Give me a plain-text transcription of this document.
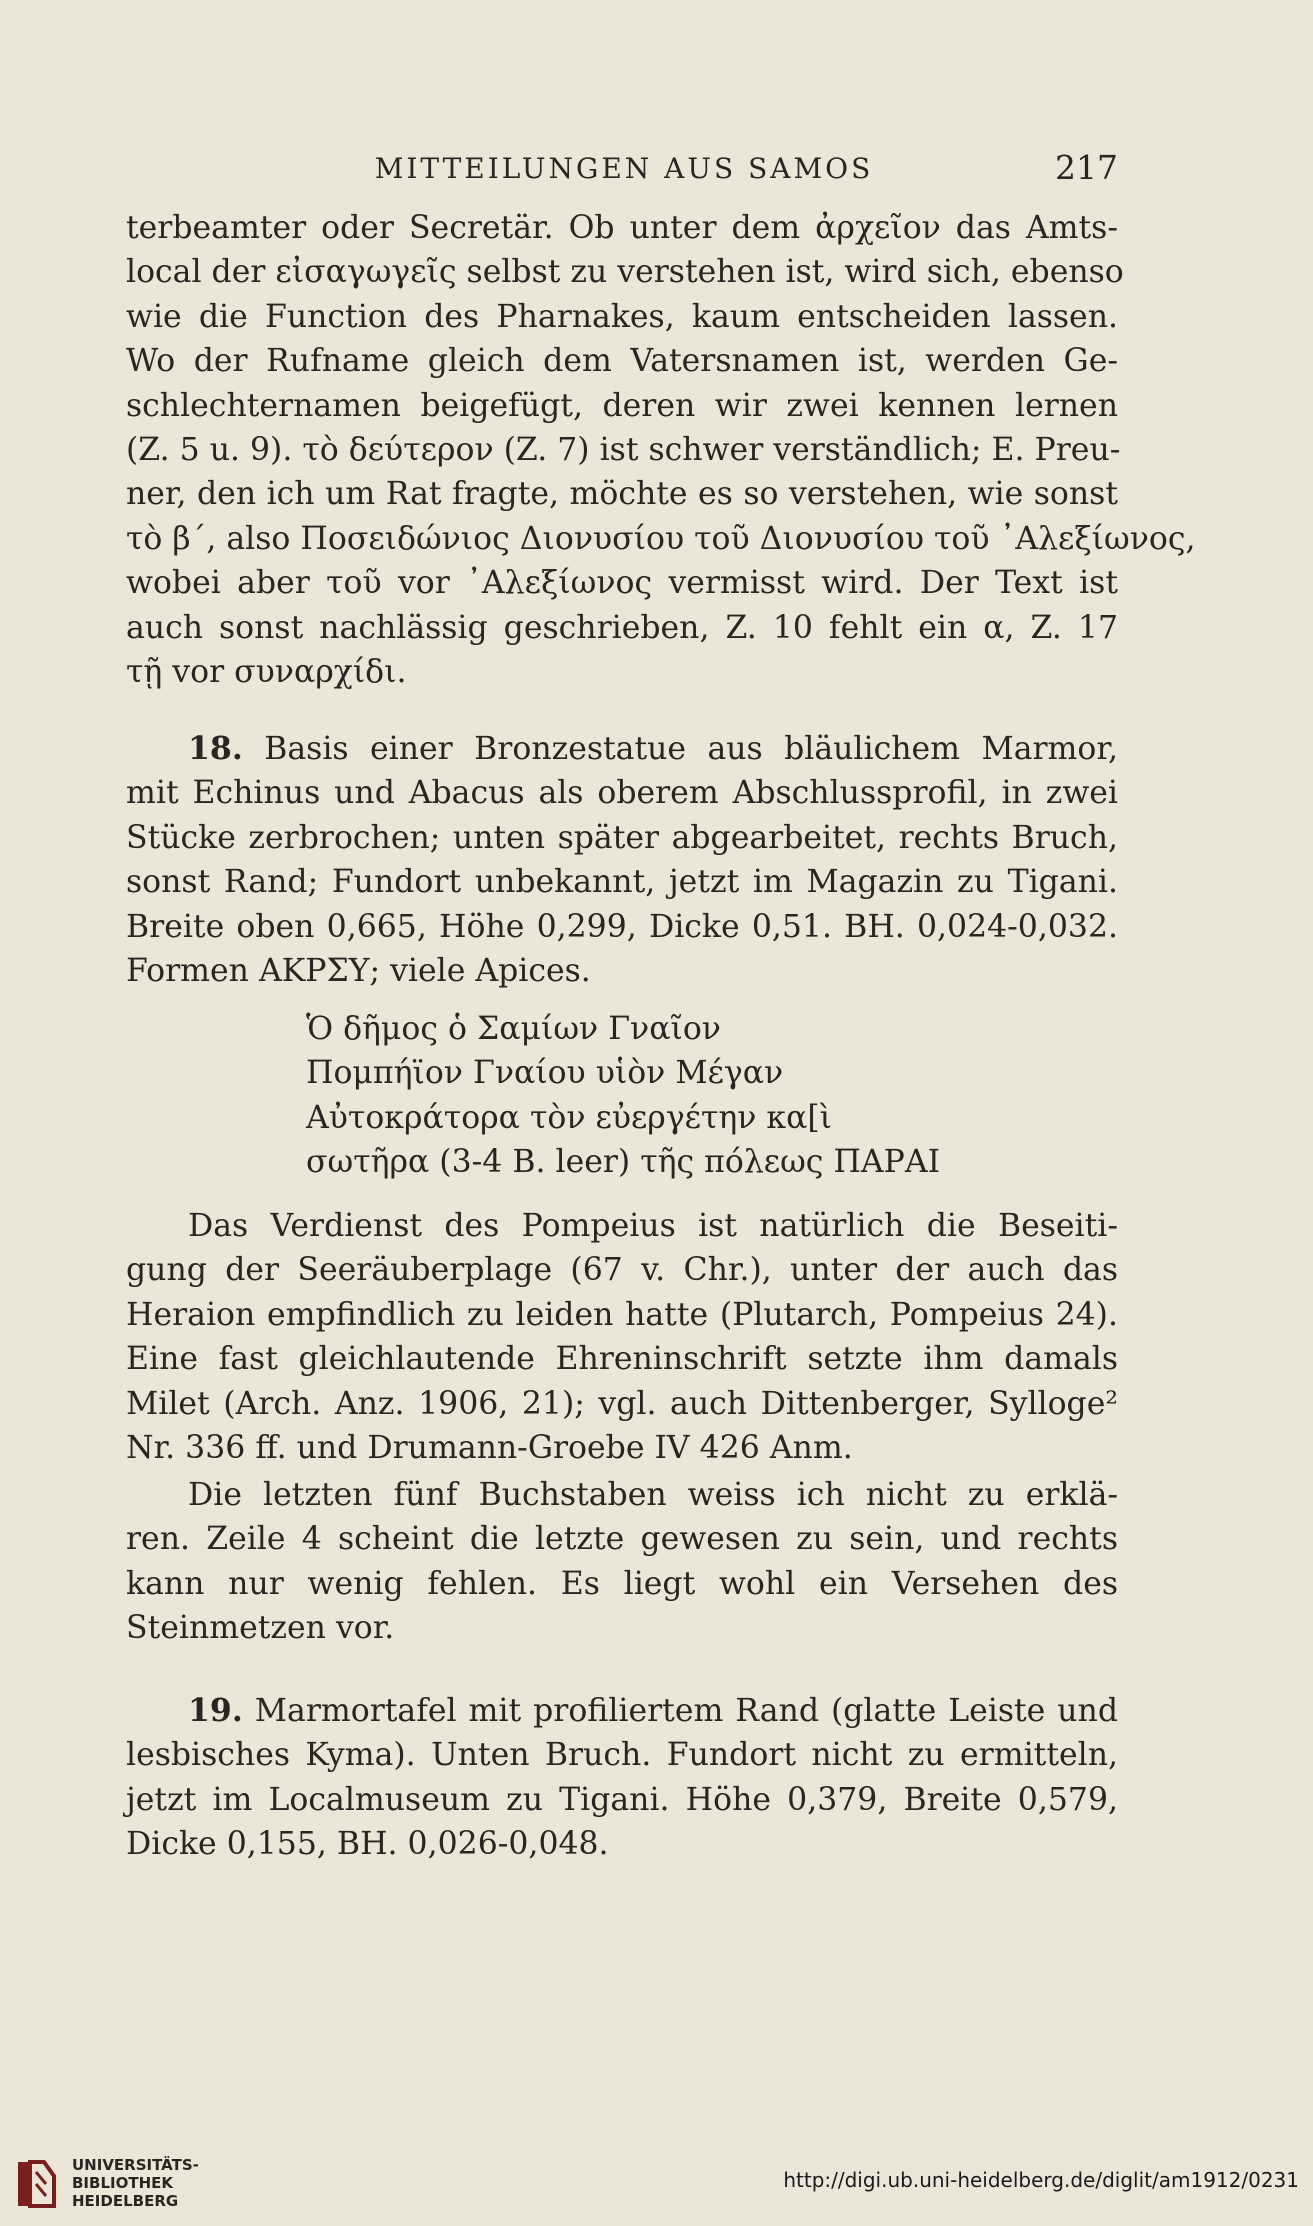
MITTEILUNGEN AUS SAMOS	217
terbeamter oder Secretär. Ob unter dem ἀρχεῖον das Amts-
local der εἰσαγωγεῖς selbst zu verstehen ist, wird sich, ebenso
wie die Function des Pharnakes, kaum entscheiden lassen.
Wo der Rufname gleich dem Vatersnamen ist, werden Ge-
schlechternamen beigefügt, deren wir zwei kennen lernen
(Z. 5 u. 9). τὸ δεύτερον (Z. 7) ist schwer verständlich; E. Preu-
ner, den ich um Rat fragte, möchte es so verstehen, wie sonst
τὸ β΄, also Ποσειδώνιος Διονυσίου τοῦ Διονυσίου τοῦ ᾿Αλεξίωνος,
wobei aber τοῦ vor ᾿Αλεξίωνος vermisst wird. Der Text ist
auch sonst nachlässig geschrieben, Z. 10 fehlt ein α, Z. 17
τῇ vor συναρχίδι.
18. Basis einer Bronzestatue aus bläulichem Marmor,
mit Echinus und Abacus als oberem Abschlussprofil, in zwei
Stücke zerbrochen; unten später abgearbeitet, rechts Bruch,
sonst Rand; Fundort unbekannt, jetzt im Magazin zu Tigani.
Breite oben 0,665, Höhe 0,299, Dicke 0,51. BH. 0,024-0,032.
Formen ΑΚΡΣΥ; viele Apices.
Ὁ δῆμος ὁ Σαμίων Γναῖον
Πομπήϊον Γναίου υἱὸν Μέγαν
Αὐτοκράτορα τὸν εὐεργέτην κα[ὶ
σωτῆρα (3-4 B. leer) τῆς πόλεως ΠΑΡΑΙ
Das Verdienst des Pompeius ist natürlich die Beseiti-
gung der Seeräuberplage (67 v. Chr.), unter der auch das
Heraion empfindlich zu leiden hatte (Plutarch, Pompeius 24).
Eine fast gleichlautende Ehreninschrift setzte ihm damals
Milet (Arch. Anz. 1906, 21); vgl. auch Dittenberger, Sylloge²
Nr. 336 ff. und Drumann-Groebe IV 426 Anm.
Die letzten fünf Buchstaben weiss ich nicht zu erklä-
ren. Zeile 4 scheint die letzte gewesen zu sein, und rechts
kann nur wenig fehlen. Es liegt wohl ein Versehen des
Steinmetzen vor.
19. Marmortafel mit profiliertem Rand (glatte Leiste und
lesbisches Kyma). Unten Bruch. Fundort nicht zu ermitteln,
jetzt im Localmuseum zu Tigani. Höhe 0,379, Breite 0,579,
Dicke 0,155, BH. 0,026-0,048.
UNIVERSITÄTS-
BIBLIOTHEK
HEIDELBERG
http://digi.ub.uni-heidelberg.de/diglit/am1912/0231
